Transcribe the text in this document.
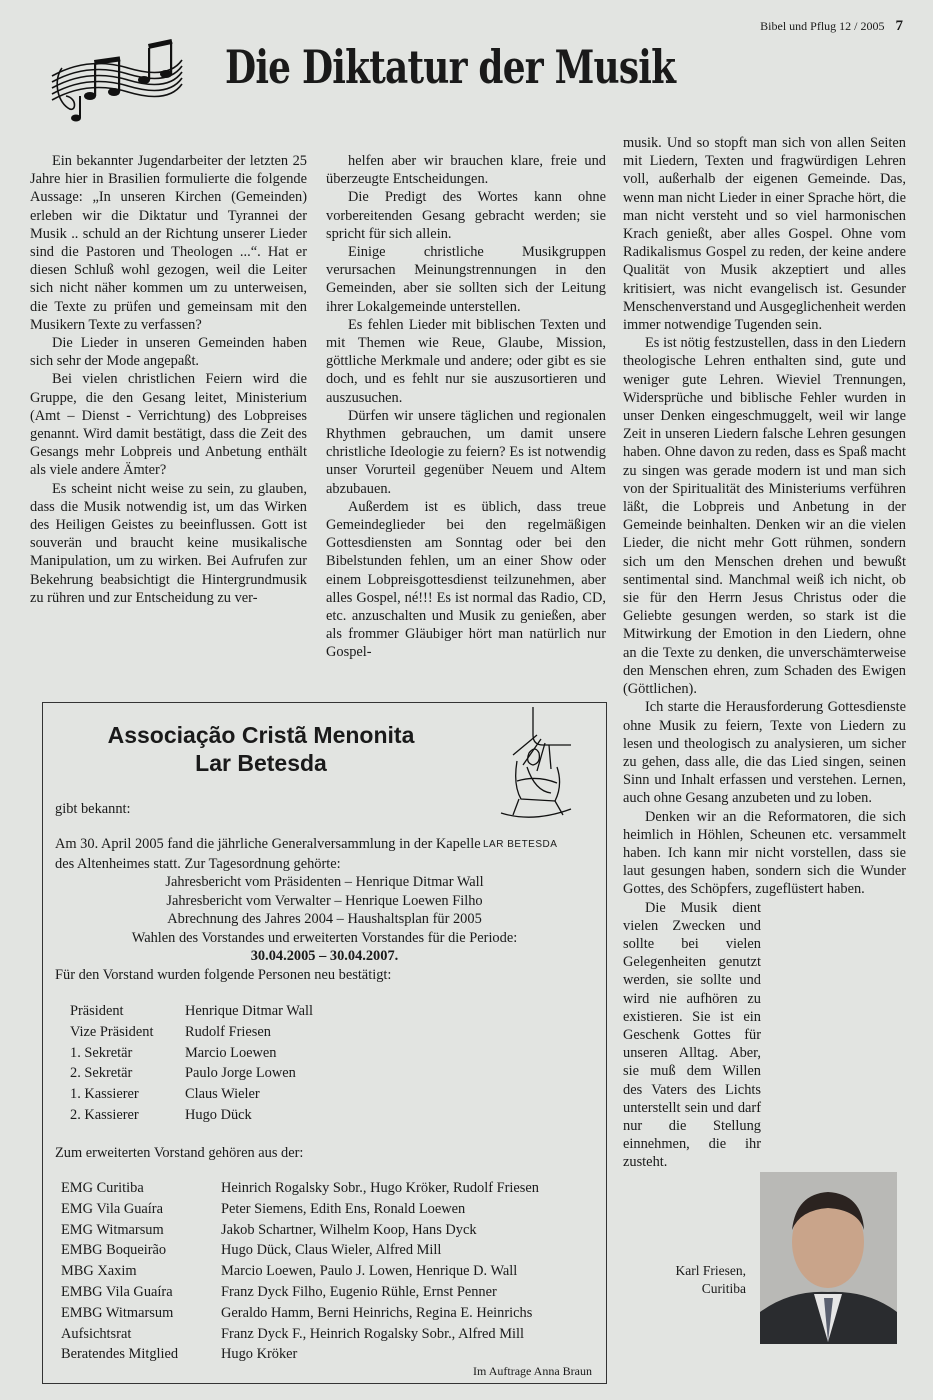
Bibel und Pflug 12 / 2005 7
Die Diktatur der Musik

Ein bekannter Jugendarbeiter der letzten 25 Jahre hier in Brasilien formulierte die folgende Aussage: „In unseren Kirchen (Gemeinden) erleben wir die Diktatur und Tyrannei der Musik .. schuld an der Richtung unserer Lieder sind die Pastoren und Theologen ...“. Hat er diesen Schluß wohl gezogen, weil die Leiter sich nicht näher kommen um zu unterweisen, die Texte zu prüfen und gemeinsam mit den Musikern Texte zu verfassen?

Die Lieder in unseren Gemeinden haben sich sehr der Mode angepaßt.

Bei vielen christlichen Feiern wird die Gruppe, die den Gesang leitet, Ministerium (Amt – Dienst - Verrichtung) des Lobpreises genannt. Wird damit bestätigt, dass die Zeit des Gesangs mehr Lobpreis und Anbetung enthält als viele andere Ämter?

Es scheint nicht weise zu sein, zu glauben, dass die Musik notwendig ist, um das Wirken des Heiligen Geistes zu beeinflussen. Gott ist souverän und braucht keine musikalische Manipulation, um zu wirken. Bei Aufrufen zur Bekehrung beabsichtigt die Hintergrundmusik zu rühren und zur Entscheidung zu ver-

helfen aber wir brauchen klare, freie und überzeugte Entscheidungen.

Die Predigt des Wortes kann ohne vorbereitenden Gesang gebracht werden; sie spricht für sich allein.

Einige christliche Musikgruppen verursachen Meinungstrennungen in den Gemeinden, aber sie sollten sich der Leitung ihrer Lokalgemeinde unterstellen.

Es fehlen Lieder mit biblischen Texten und mit Themen wie Reue, Glaube, Mission, göttliche Merkmale und andere; oder gibt es sie doch, und es fehlt nur sie auszusortieren und auszusuchen.

Dürfen wir unsere täglichen und regionalen Rhythmen gebrauchen, um damit unsere christliche Ideologie zu feiern? Es ist notwendig unser Vorurteil gegenüber Neuem und Altem abzubauen.

Außerdem ist es üblich, dass treue Gemeindeglieder bei den regelmäßigen Gottesdiensten am Sonntag oder bei den Bibelstunden fehlen, um an einer Show oder einem Lobpreisgottesdienst teilzunehmen, aber alles Gospel, né!!! Es ist normal das Radio, CD, etc. anzuschalten und Musik zu genießen, aber als frommer Gläubiger hört man natürlich nur Gospel-

musik. Und so stopft man sich von allen Seiten mit Liedern, Texten und fragwürdigen Lehren voll, außerhalb der eigenen Gemeinde. Das, wenn man nicht Lieder in einer Sprache hört, die man nicht versteht und so viel harmonischen Krach genießt, aber alles Gospel. Ohne vom Radikalismus Gospel zu reden, der keine andere Qualität von Musik akzeptiert und alles kritisiert, was nicht evangelisch ist. Gesunder Menschenverstand und Ausgeglichenheit werden immer notwendige Tugenden sein.

Es ist nötig festzustellen, dass in den Liedern theologische Lehren enthalten sind, gute und weniger gute Lehren. Wieviel Trennungen, Widersprüche und biblische Fehler wurden in unser Denken eingeschmuggelt, weil wir lange Zeit in unseren Liedern falsche Lehren gesungen haben. Ohne davon zu reden, dass es Spaß macht zu singen was gerade modern ist und man sich von der Spiritualität des Ministeriums verführen läßt, die Lobpreis und Anbetung in der Gemeinde beinhalten. Denken wir an die vielen Lieder, die nicht mehr Gott rühmen, sondern sich um den Menschen drehen und bewußt sentimental sind. Manchmal weiß ich nicht, ob sie für den Herrn Jesus Christus oder die Geliebte gesungen werden, so stark ist die Mitwirkung der Emotion in den Liedern, ohne an die Texte zu denken, die unverschämterweise den Menschen ehren, zum Schaden des Ewigen (Göttlichen).

Ich starte die Herausforderung Gottesdienste ohne Musik zu feiern, Texte von Liedern zu lesen und theologisch zu analysieren, um sicher zu gehen, dass alle, die das Lied singen, seinen Sinn und Inhalt erfassen und verstehen. Lernen, auch ohne Gesang anzubeten und zu loben.

Denken wir an die Reformatoren, die sich heimlich in Höhlen, Scheunen etc. versammelt haben. Ich kann mir nicht vorstellen, dass sie laut gesungen haben, sondern sich die Wunder Gottes, des Schöpfers, zugeflüstert haben.

Die Musik dient vielen Zwecken und sollte bei vielen Gelegenheiten genutzt werden, sie sollte und wird nie aufhören zu existieren. Sie ist ein Geschenk Gottes für unseren Alltag. Aber, sie muß dem Willen des Vaters des Lichts unterstellt sein und darf nur die Stellung einnehmen, die ihr zusteht.

Karl Friesen,
Curitiba
Associação Cristã Menonita
Lar Betesda
LAR BETESDA
gibt bekannt:
Am 30. April 2005 fand die jährliche Generalversammlung in der Kapelle des Altenheimes statt. Zur Tagesordnung gehörte:
Jahresbericht vom Präsidenten – Henrique Ditmar Wall
Jahresbericht vom Verwalter – Henrique Loewen Filho
Abrechnung des Jahres 2004 – Haushaltsplan für 2005
Wahlen des Vorstandes und erweiterten Vorstandes für die Periode:
30.04.2005 – 30.04.2007.
Für den Vorstand wurden folgende Personen neu bestätigt:
Präsident	Henrique Ditmar Wall
Vize Präsident	Rudolf Friesen
1. Sekretär	Marcio Loewen
2. Sekretär	Paulo Jorge Lowen
1. Kassierer	Claus Wieler
2. Kassierer	Hugo Dück
Zum erweiterten Vorstand gehören aus der:
EMG Curitiba	Heinrich Rogalsky Sobr., Hugo Kröker, Rudolf Friesen
EMG Vila Guaíra	Peter Siemens, Edith Ens, Ronald Loewen
EMG Witmarsum	Jakob Schartner, Wilhelm Koop, Hans Dyck
EMBG Boqueirão	Hugo Dück, Claus Wieler, Alfred Mill
MBG Xaxim	Marcio Loewen, Paulo J. Lowen, Henrique D. Wall
EMBG Vila Guaíra	Franz Dyck Filho, Eugenio Rühle, Ernst Penner
EMBG Witmarsum	Geraldo Hamm, Berni Heinrichs, Regina E. Heinrichs
Aufsichtsrat	Franz Dyck F., Heinrich Rogalsky Sobr., Alfred Mill
Beratendes Mitglied	Hugo Kröker
Im Auftrage Anna Braun
